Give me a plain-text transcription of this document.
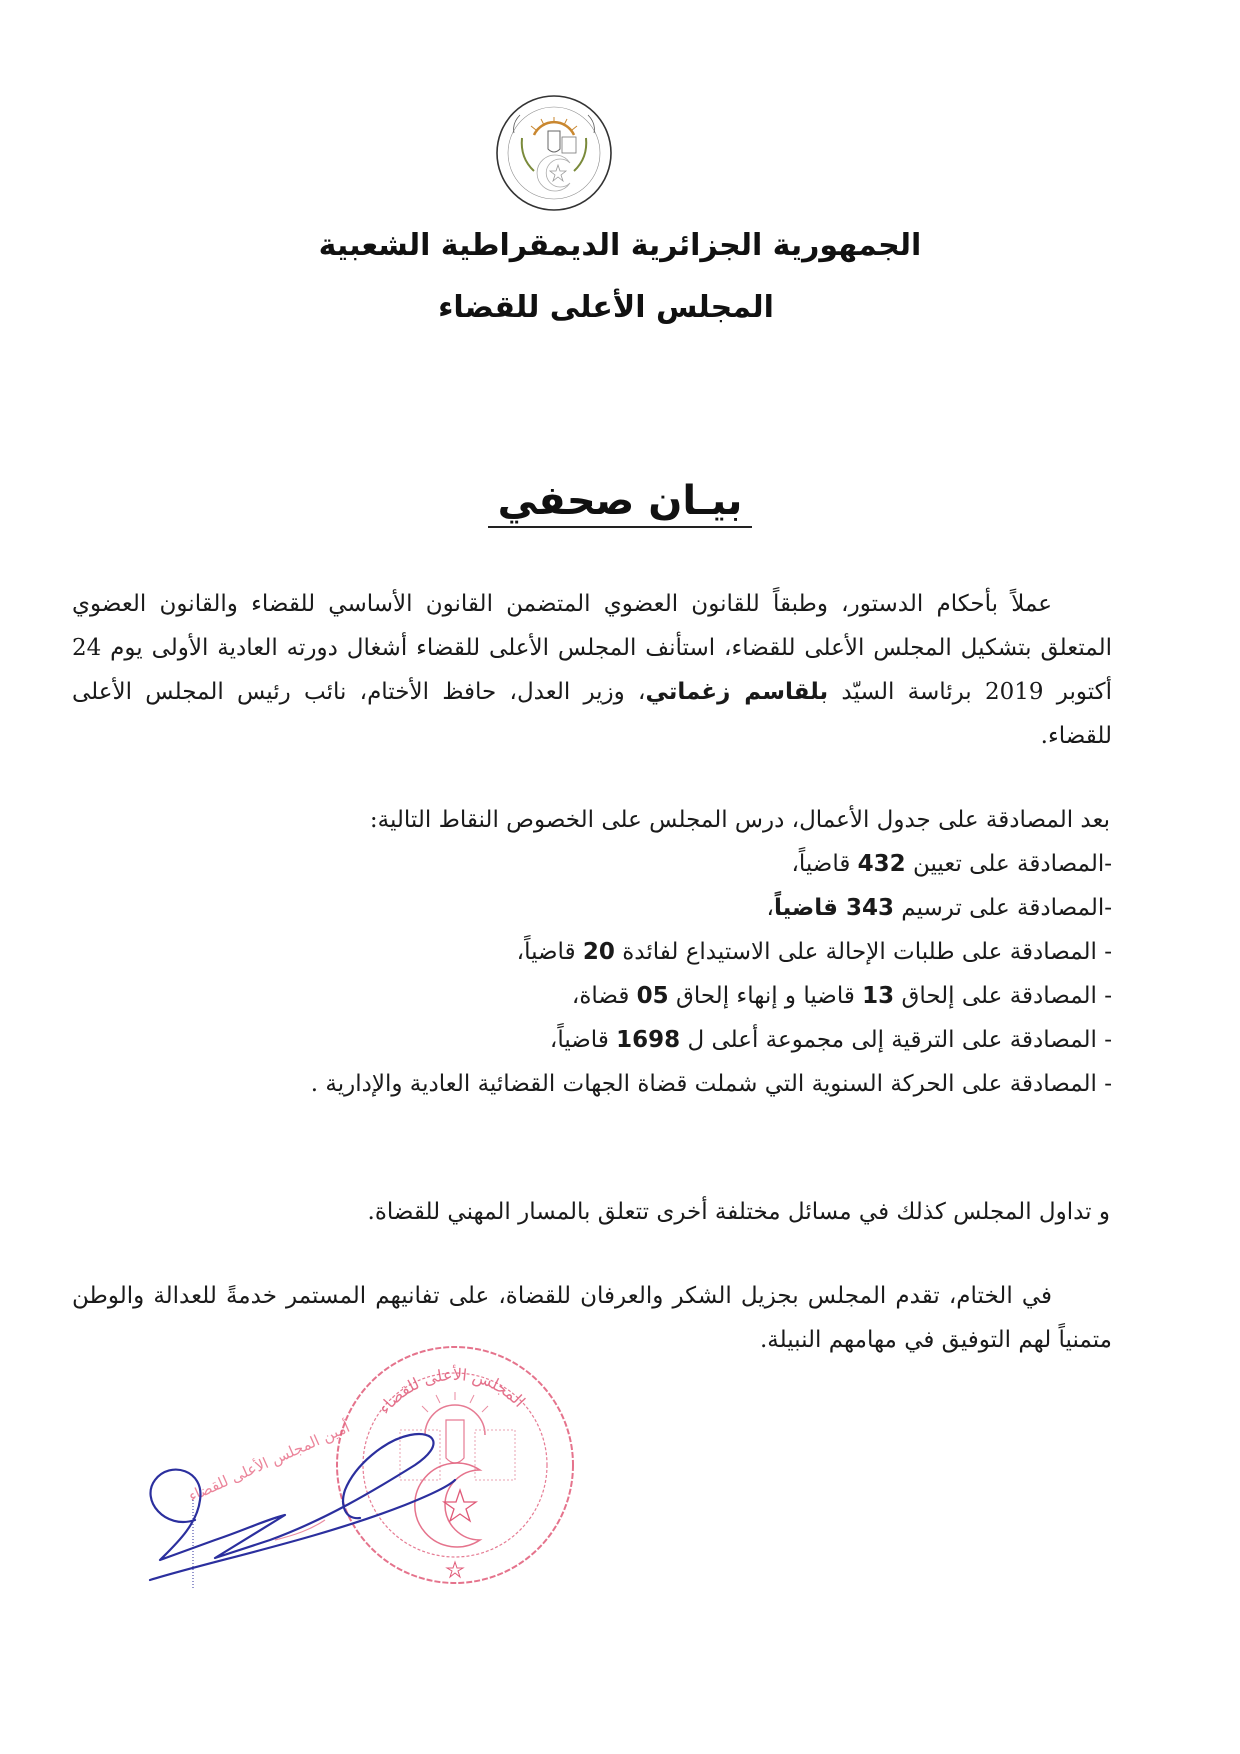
الجمهورية الجزائرية الديمقراطية الشعبية
المجلس الأعلى للقضاء
بيـان صحفي

عملاً بأحكام الدستور، وطبقاً للقانون العضوي المتضمن القانون الأساسي للقضاء والقانون العضوي المتعلق بتشكيل المجلس الأعلى للقضاء، استأنف المجلس الأعلى للقضاء أشغال دورته العادية الأولى يوم 24 أكتوبر 2019 برئاسة السيّد بلقاسم زغماتي، وزير العدل، حافظ الأختام، نائب رئيس المجلس الأعلى للقضاء.

بعد المصادقة على جدول الأعمال، درس المجلس على الخصوص النقاط التالية:

-المصادقة على تعيين 432 قاضياً،
-المصادقة على ترسيم 343 قاضياً،
- المصادقة على طلبات الإحالة على الاستيداع لفائدة 20 قاضياً،
- المصادقة على إلحاق 13 قاضيا و إنهاء إلحاق 05 قضاة،
- المصادقة على الترقية إلى مجموعة أعلى ل 1698 قاضياً،
- المصادقة على الحركة السنوية التي شملت قضاة الجهات القضائية العادية والإدارية .

و تداول المجلس كذلك في مسائل مختلفة أخرى تتعلق بالمسار المهني للقضاة.

في الختام، تقدم المجلس بجزيل الشكر والعرفان للقضاة، على تفانيهم المستمر خدمةً للعدالة والوطن متمنياً لهم التوفيق في مهامهم النبيلة.

أمين المجلس الأعلى للقضاء
المجلس الأعلى للقضاء
